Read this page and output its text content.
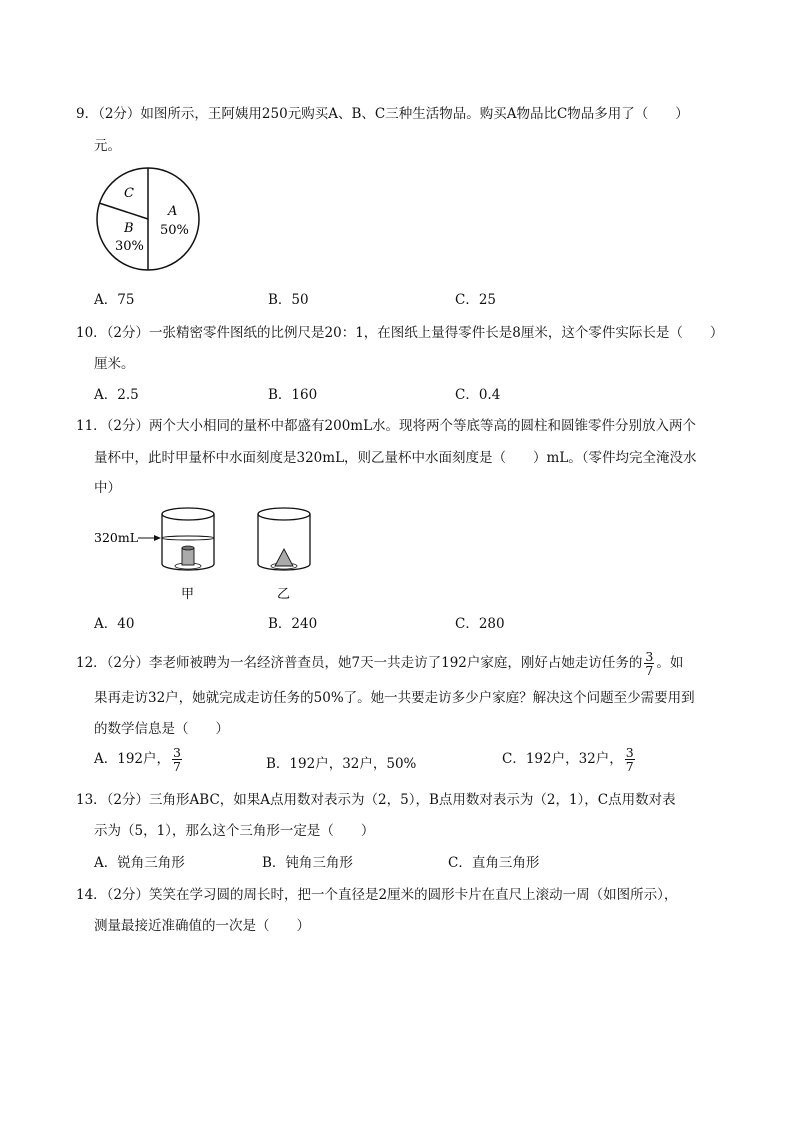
9．（2分）如图所示，王阿姨用250元购买A、B、C三种生活物品。购买A物品比C物品多用了（　　）
元。
C
B
30%
A
50%
A．75	B．50	C．25
10．（2分）一张精密零件图纸的比例尺是20：1，在图纸上量得零件长是8厘米，这个零件实际长是（　　）
厘米。
A．2.5	B．160	C．0.4
11．（2分）两个大小相同的量杯中都盛有200mL水。现将两个等底等高的圆柱和圆锥零件分别放入两个
量杯中，此时甲量杯中水面刻度是320mL，则乙量杯中水面刻度是（　　）mL。（零件均完全淹没水
中）
320mL
甲	乙
A．40	B．240	C．280
12．（2分）李老师被聘为一名经济普查员，她7天一共走访了192户家庭，刚好占她走访任务的 $\frac{3}{7}$ 。如
果再走访32户，她就完成走访任务的50%了。她一共要走访多少户家庭？解决这个问题至少需要用到
的数学信息是（　　）
A．192户， $\frac{3}{7}$	B．192户，32户，50%	C．192户，32户， $\frac{3}{7}$
13．（2分）三角形ABC，如果A点用数对表示为（2，5），B点用数对表示为（2，1），C点用数对表
示为（5，1），那么这个三角形一定是（　　）
A．锐角三角形	B．钝角三角形	C．直角三角形
14．（2分）笑笑在学习圆的周长时，把一个直径是2厘米的圆形卡片在直尺上滚动一周（如图所示），
测量最接近准确值的一次是（　　）
